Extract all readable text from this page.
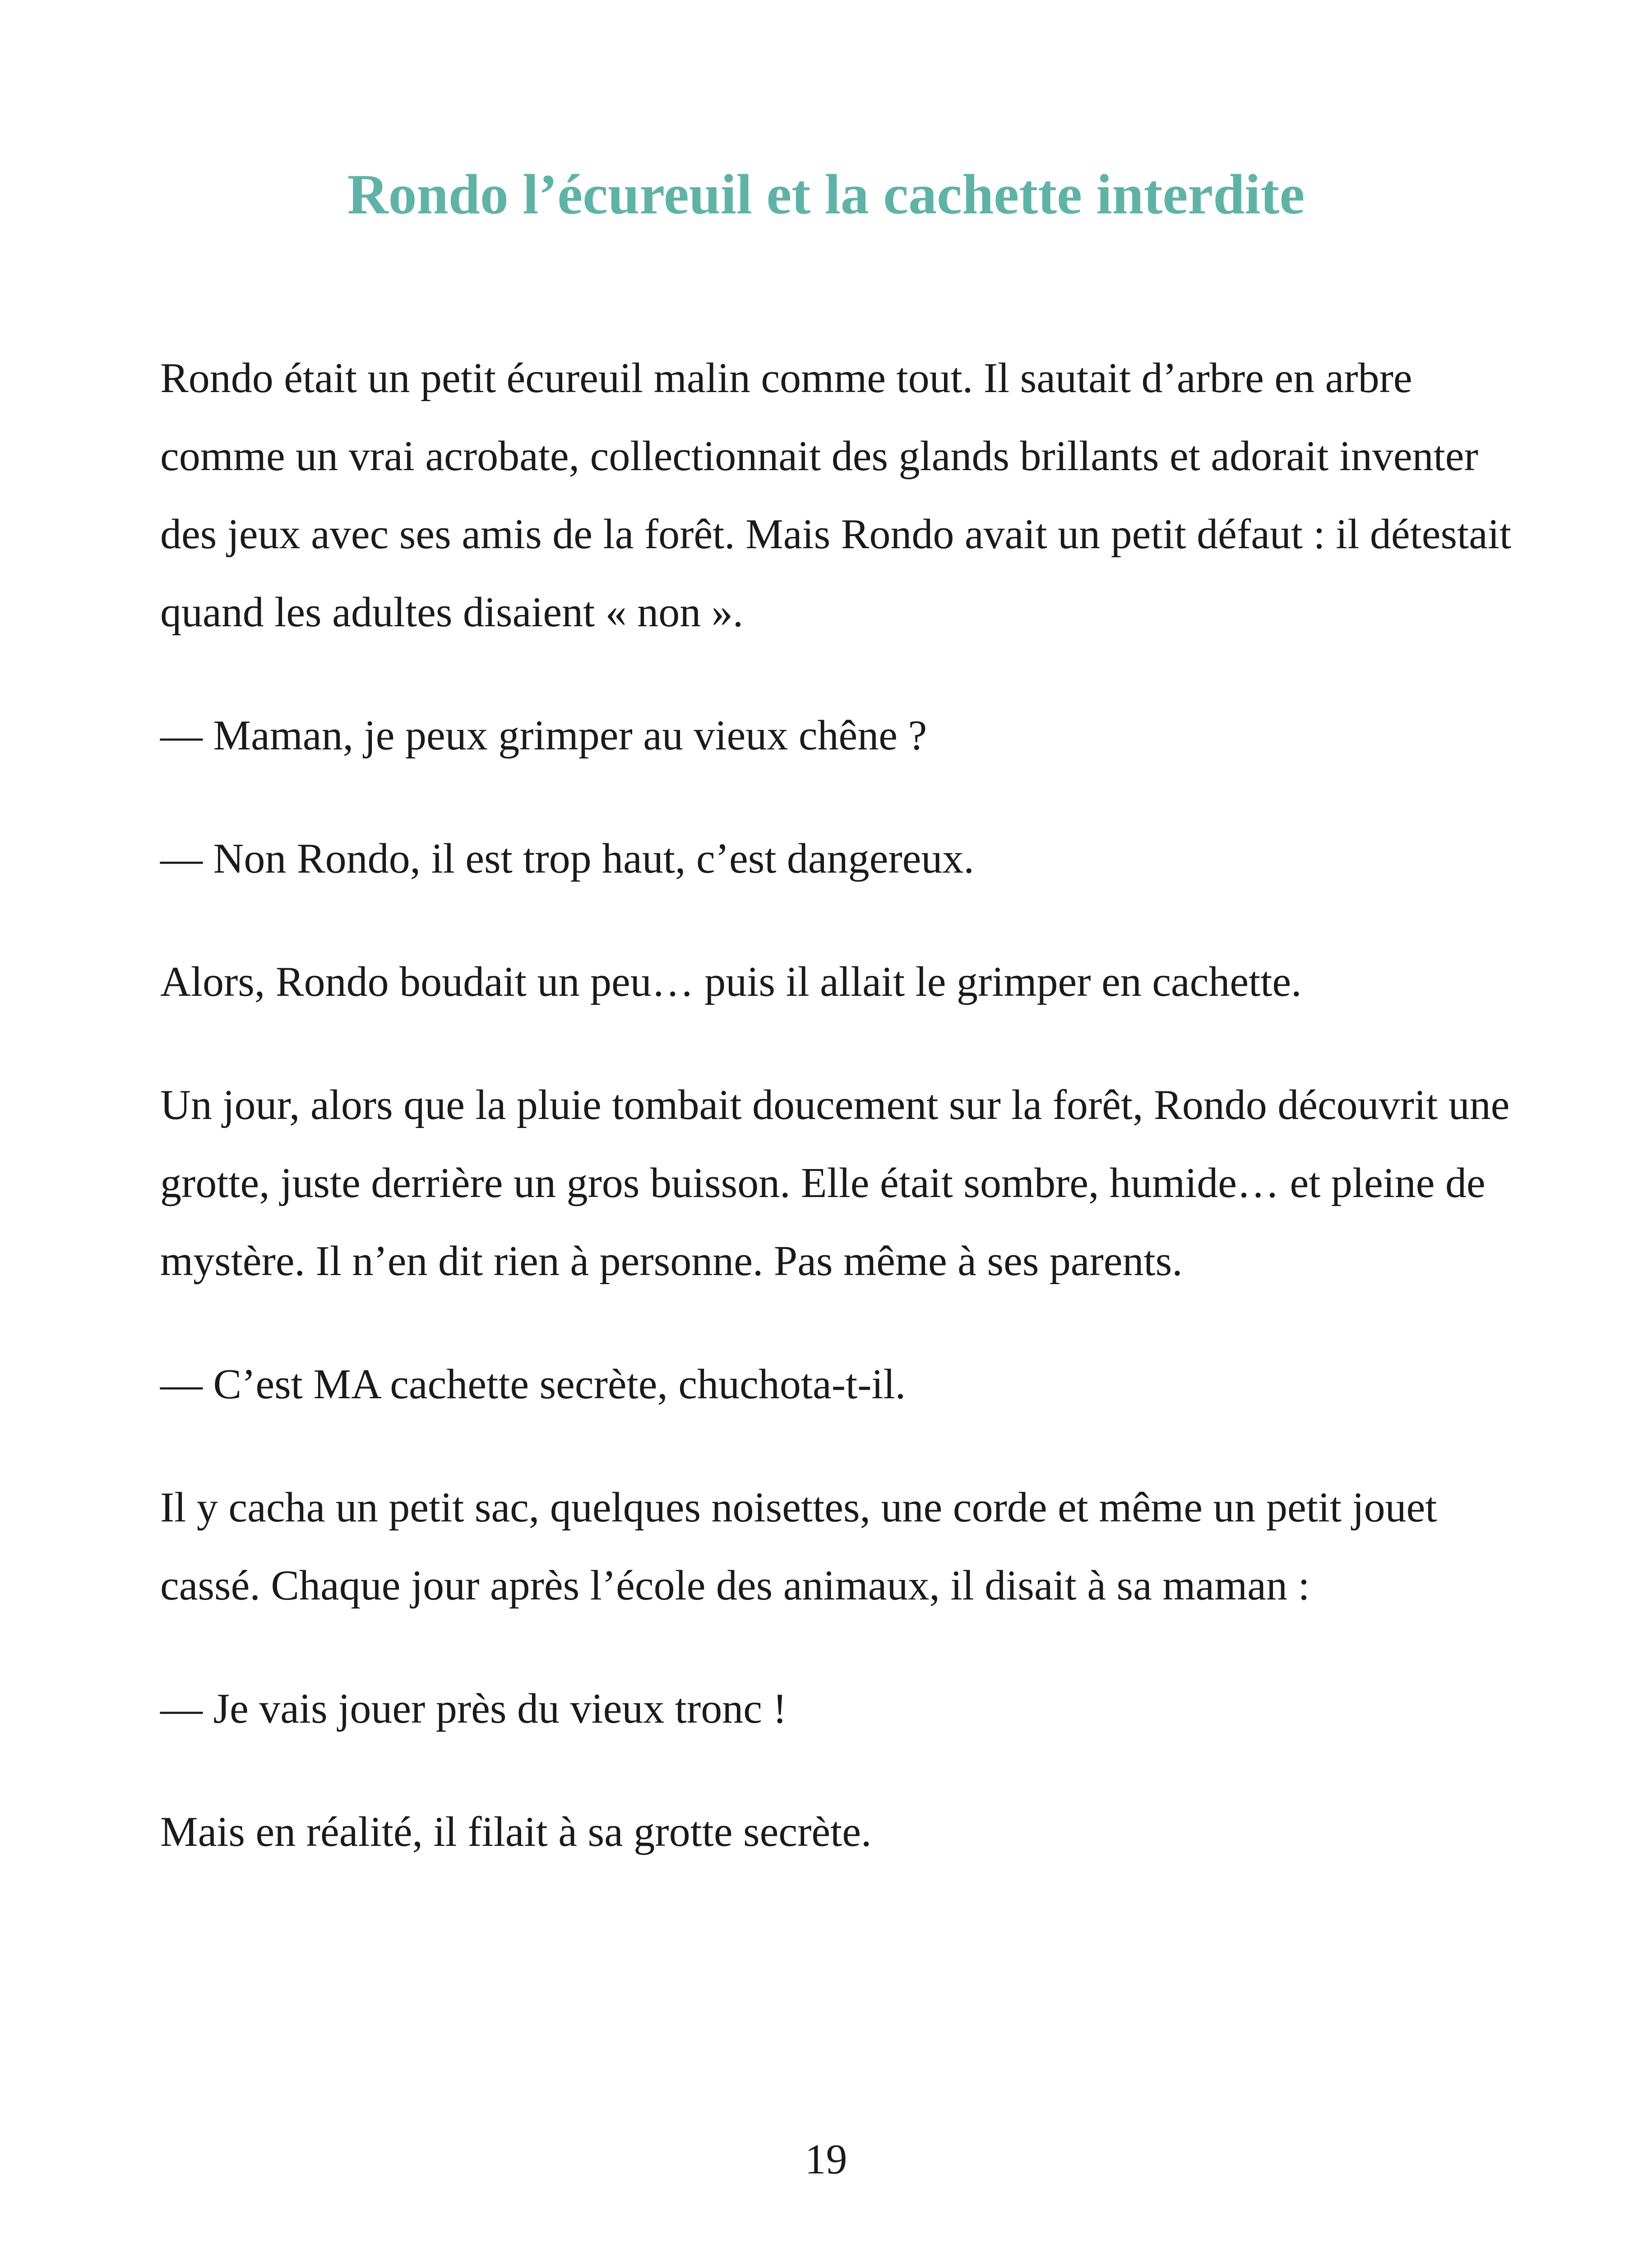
Rondo l’écureuil et la cachette interdite

Rondo était un petit écureuil malin comme tout. Il sautait d’arbre en arbre comme un vrai acrobate, collectionnait des glands brillants et adorait inventer des jeux avec ses amis de la forêt. Mais Rondo avait un petit défaut : il détestait quand les adultes disaient « non ».

— Maman, je peux grimper au vieux chêne ?

— Non Rondo, il est trop haut, c’est dangereux.

Alors, Rondo boudait un peu… puis il allait le grimper en cachette.

Un jour, alors que la pluie tombait doucement sur la forêt, Rondo découvrit une grotte, juste derrière un gros buisson. Elle était sombre, humide… et pleine de mystère. Il n’en dit rien à personne. Pas même à ses parents.

— C’est MA cachette secrète, chuchota-t-il.

Il y cacha un petit sac, quelques noisettes, une corde et même un petit jouet cassé. Chaque jour après l’école des animaux, il disait à sa maman :

— Je vais jouer près du vieux tronc !

Mais en réalité, il filait à sa grotte secrète.

19
